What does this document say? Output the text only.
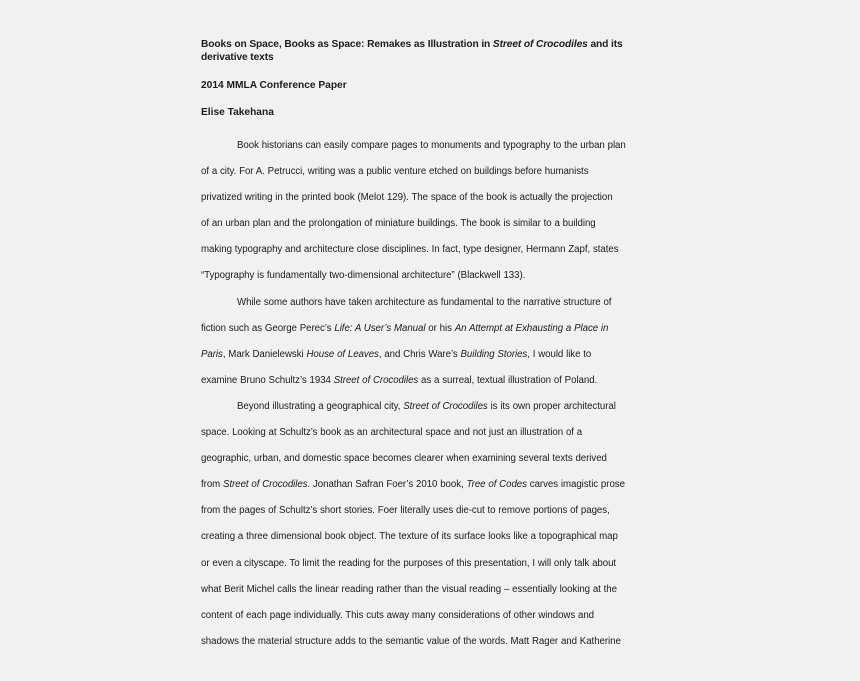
Books on Space, Books as Space: Remakes as Illustration in Street of Crocodiles and its derivative texts

2014 MMLA Conference Paper
Elise Takehana
Book historians can easily compare pages to monuments and typography to the urban plan
of a city. For A. Petrucci, writing was a public venture etched on buildings before humanists
privatized writing in the printed book (Melot 129). The space of the book is actually the projection
of an urban plan and the prolongation of miniature buildings. The book is similar to a building
making typography and architecture close disciplines. In fact, type designer, Hermann Zapf, states
“Typography is fundamentally two-dimensional architecture” (Blackwell 133).
While some authors have taken architecture as fundamental to the narrative structure of
fiction such as George Perec’s Life: A User’s Manual or his An Attempt at Exhausting a Place in
Paris, Mark Danielewski House of Leaves, and Chris Ware’s Building Stories, I would like to
examine Bruno Schultz’s 1934 Street of Crocodiles as a surreal, textual illustration of Poland.
Beyond illustrating a geographical city, Street of Crocodiles is its own proper architectural
space. Looking at Schultz’s book as an architectural space and not just an illustration of a
geographic, urban, and domestic space becomes clearer when examining several texts derived
from Street of Crocodiles. Jonathan Safran Foer’s 2010 book, Tree of Codes carves imagistic prose
from the pages of Schultz’s short stories. Foer literally uses die-cut to remove portions of pages,
creating a three dimensional book object. The texture of its surface looks like a topographical map
or even a cityscape. To limit the reading for the purposes of this presentation, I will only talk about
what Berit Michel calls the linear reading rather than the visual reading – essentially looking at the
content of each page individually. This cuts away many considerations of other windows and
shadows the material structure adds to the semantic value of the words. Matt Rager and Katherine
